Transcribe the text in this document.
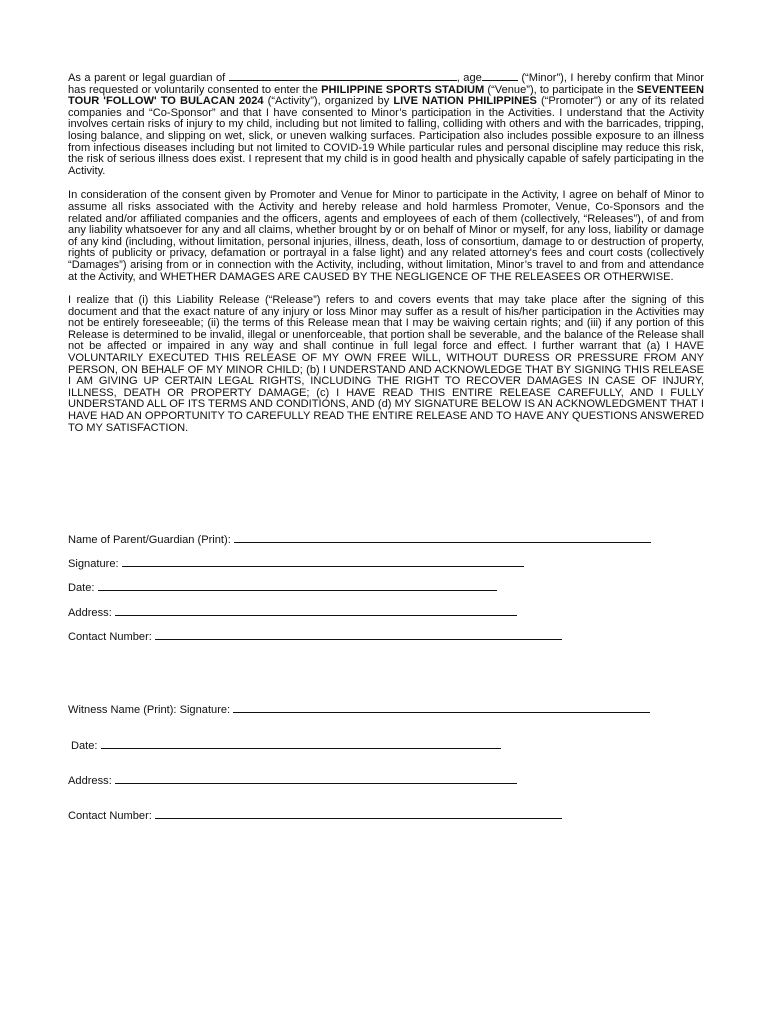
As a parent or legal guardian of	, age	(“Minor”), I hereby confirm that Minor has requested or voluntarily consented to enter the PHILIPPINE SPORTS STADIUM (“Venue”), to participate in the SEVENTEEN TOUR 'FOLLOW' TO BULACAN 2024 (“Activity”), organized by LIVE NATION PHILIPPINES (“Promoter") or any of its related companies and “Co-Sponsor” and that I have consented to Minor’s participation in the Activities. I understand that the Activity involves certain risks of injury to my child, including but not limited to falling, colliding with others and with the barricades, tripping, losing balance, and slipping on wet, slick, or uneven walking surfaces. Participation also includes possible exposure to an illness from infectious diseases including but not limited to COVID-19 While particular rules and personal discipline may reduce this risk, the risk of serious illness does exist. I represent that my child is in good health and physically capable of safely participating in the Activity.

In consideration of the consent given by Promoter and Venue for Minor to participate in the Activity, I agree on behalf of Minor to assume all risks associated with the Activity and hereby release and hold harmless Promoter, Venue, Co-Sponsors and the related and/or affiliated companies and the officers, agents and employees of each of them (collectively, “Releases”), of and from any liability whatsoever for any and all claims, whether brought by or on behalf of Minor or myself, for any loss, liability or damage of any kind (including, without limitation, personal injuries, illness, death, loss of consortium, damage to or destruction of property, rights of publicity or privacy, defamation or portrayal in a false light) and any related attorney's fees and court costs (collectively “Damages”) arising from or in connection with the Activity, including, without limitation, Minor’s travel to and from and attendance at the Activity, and WHETHER DAMAGES ARE CAUSED BY THE NEGLIGENCE OF THE RELEASEES OR OTHERWISE.

I realize that (i) this Liability Release (“Release”) refers to and covers events that may take place after the signing of this document and that the exact nature of any injury or loss Minor may suffer as a result of his/her participation in the Activities may not be entirely foreseeable; (ii) the terms of this Release mean that I may be waiving certain rights; and (iii) if any portion of this Release is determined to be invalid, illegal or unenforceable, that portion shall be severable, and the balance of the Release shall not be affected or impaired in any way and shall continue in full legal force and effect. I further warrant that (a) I HAVE VOLUNTARILY EXECUTED THIS RELEASE OF MY OWN FREE WILL, WITHOUT DURESS OR PRESSURE FROM ANY PERSON, ON BEHALF OF MY MINOR CHILD; (b) I UNDERSTAND AND ACKNOWLEDGE THAT BY SIGNING THIS RELEASE I AM GIVING UP CERTAIN LEGAL RIGHTS, INCLUDING THE RIGHT TO RECOVER DAMAGES IN CASE OF INJURY, ILLNESS, DEATH OR PROPERTY DAMAGE; (c) I HAVE READ THIS ENTIRE RELEASE CAREFULLY, AND I FULLY UNDERSTAND ALL OF ITS TERMS AND CONDITIONS, AND (d) MY SIGNATURE BELOW IS AN ACKNOWLEDGMENT THAT I HAVE HAD AN OPPORTUNITY TO CAREFULLY READ THE ENTIRE RELEASE AND TO HAVE ANY QUESTIONS ANSWERED TO MY SATISFACTION.

Name of Parent/Guardian (Print):
Signature:
Date:
Address:
Contact Number:
Witness Name (Print): Signature:
Date:
Address:
Contact Number:
